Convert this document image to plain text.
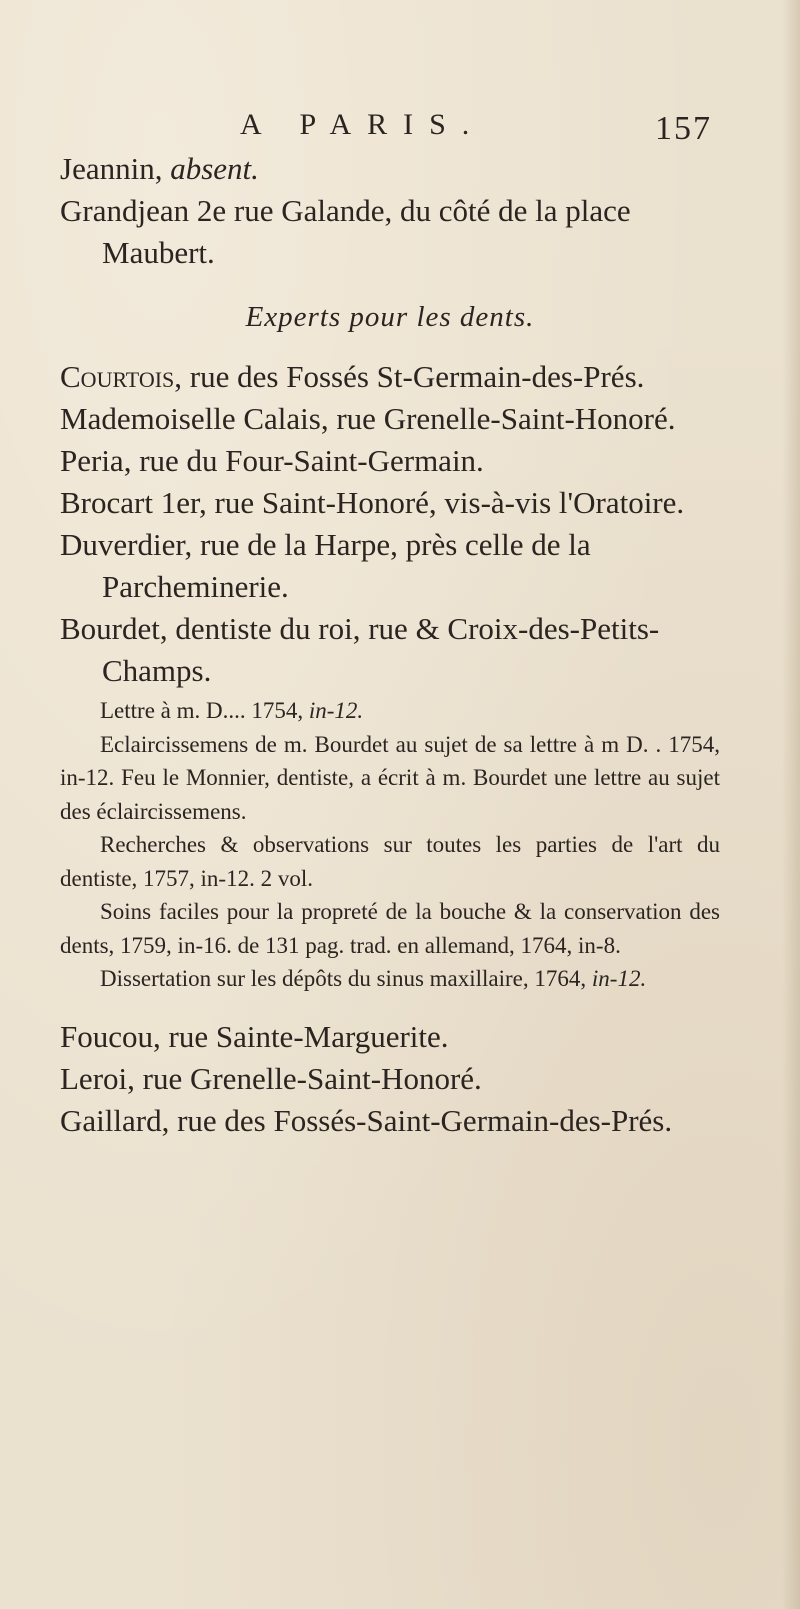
A PARIS.	157

Jeannin, absent.

Grandjean 2e rue Galande, du côté de la place Maubert.

Experts pour les dents.

Courtois, rue des Fossés St-Germain-des-Prés.

Mademoiselle Calais, rue Grenelle-Saint-Honoré.

Peria, rue du Four-Saint-Germain.

Brocart 1er, rue Saint-Honoré, vis-à-vis l'Oratoire.

Duverdier, rue de la Harpe, près celle de la Parcheminerie.

Bourdet, dentiste du roi, rue & Croix-des-Petits-Champs.

Lettre à m. D.... 1754, in-12.

Eclaircissemens de m. Bourdet au sujet de sa lettre à m D. . 1754, in-12. Feu le Monnier, dentiste, a écrit à m. Bourdet une lettre au sujet des éclaircissemens.

Recherches & observations sur toutes les parties de l'art du dentiste, 1757, in-12. 2 vol.

Soins faciles pour la propreté de la bouche & la conservation des dents, 1759, in-16. de 131 pag. trad. en allemand, 1764, in-8.

Dissertation sur les dépôts du sinus maxillaire, 1764, in-12.

Foucou, rue Sainte-Marguerite.

Leroi, rue Grenelle-Saint-Honoré.

Gaillard, rue des Fossés-Saint-Germain-des-Prés.
